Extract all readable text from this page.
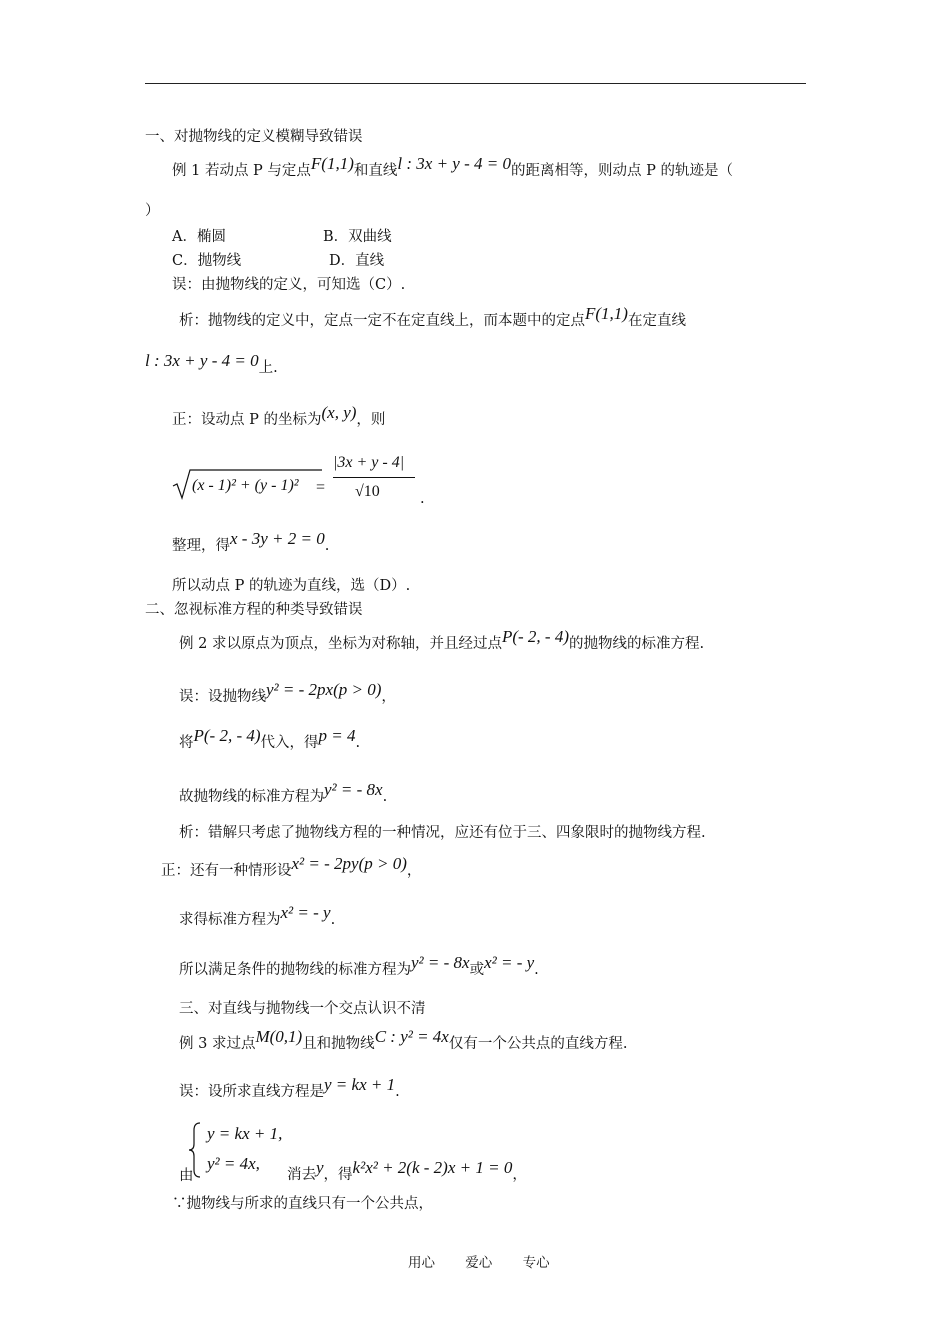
一、对抛物线的定义模糊导致错误
例 1 若动点 P 与定点F(1,1)和直线l : 3x + y - 4 = 0的距离相等，则动点 P 的轨迹是（
）
A．椭圆	B．双曲线
C．抛物线	D．直线
误：由抛物线的定义，可知选（C）.
析：抛物线的定义中，定点一定不在定直线上，而本题中的定点F(1,1)在定直线
l : 3x + y - 4 = 0上.
正：设动点 P 的坐标为(x, y)，则
(x - 1)² + (y - 1)² =
|3x + y - 4|
√10	.
整理，得x - 3y + 2 = 0.
所以动点 P 的轨迹为直线，选（D）.
二、忽视标准方程的种类导致错误
例 2 求以原点为顶点，坐标为对称轴，并且经过点P(- 2, - 4)的抛物线的标准方程.
误：设抛物线y² = - 2px(p > 0)，
将P(- 2, - 4)代入，得p = 4.
故抛物线的标准方程为y² = - 8x.
析：错解只考虑了抛物线方程的一种情况，应还有位于三、四象限时的抛物线方程.
正：还有一种情形设x² = - 2py(p > 0)，
求得标准方程为x² = - y.
所以满足条件的抛物线的标准方程为y² = - 8x或x² = - y.
三、对直线与抛物线一个交点认识不清
例 3 求过点M(0,1)且和抛物线C : y² = 4x仅有一个公共点的直线方程.
误：设所求直线方程是y = kx + 1.
y = kx + 1,
y² = 4x,
由	消去y，得k²x² + 2(k - 2)x + 1 = 0，
∵抛物线与所求的直线只有一个公共点，
用心 爱心 专心
